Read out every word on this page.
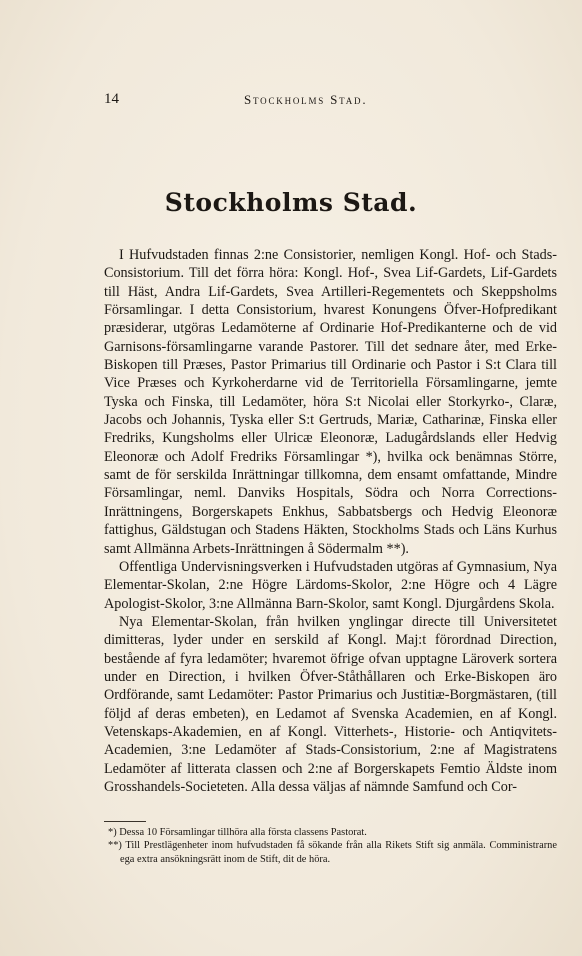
14	Stockholms Stad.
Stockholms Stad.

I Hufvudstaden finnas 2:ne Consistorier, nemligen Kongl. Hof- och Stads-Consistorium. Till det förra höra: Kongl. Hof-, Svea Lif-Gardets, Lif-Gardets till Häst, Andra Lif-Gardets, Svea Artilleri-Regementets och Skeppsholms Församlingar. I detta Consistorium, hvarest Konungens Öfver-Hofpredikant præsiderar, utgöras Ledamöterne af Ordinarie Hof-Predikanterne och de vid Garnisons-församlingarne varande Pastorer. Till det sednare åter, med Erke-Biskopen till Præses, Pastor Primarius till Ordinarie och Pastor i S:t Clara till Vice Præses och Kyrkoherdarne vid de Territoriella Församlingarne, jemte Tyska och Finska, till Ledamöter, höra S:t Nicolai eller Storkyrko-, Claræ, Jacobs och Johannis, Tyska eller S:t Gertruds, Mariæ, Catharinæ, Finska eller Fredriks, Kungsholms eller Ulricæ Eleonoræ, Ladugårdslands eller Hedvig Eleonoræ och Adolf Fredriks Församlingar *), hvilka ock benämnas Större, samt de för serskilda Inrättningar tillkomna, dem ensamt omfattande, Mindre Församlingar, neml. Danviks Hospitals, Södra och Norra Corrections-Inrättningens, Borgerskapets Enkhus, Sabbatsbergs och Hedvig Eleonoræ fattighus, Gäldstugan och Stadens Häkten, Stockholms Stads och Läns Kurhus samt Allmänna Arbets-Inrättningen å Södermalm **).

Offentliga Undervisningsverken i Hufvudstaden utgöras af Gymnasium, Nya Elementar-Skolan, 2:ne Högre Lärdoms-Skolor, 2:ne Högre och 4 Lägre Apologist-Skolor, 3:ne Allmänna Barn-Skolor, samt Kongl. Djurgårdens Skola.

Nya Elementar-Skolan, från hvilken ynglingar directe till Universitetet dimitteras, lyder under en serskild af Kongl. Maj:t förordnad Direction, bestående af fyra ledamöter; hvaremot öfrige ofvan upptagne Läroverk sortera under en Direction, i hvilken Öfver-Ståthållaren och Erke-Biskopen äro Ordförande, samt Ledamöter: Pastor Primarius och Justitiæ-Borgmästaren, (till följd af deras embeten), en Ledamot af Svenska Academien, en af Kongl. Vetenskaps-Akademien, en af Kongl. Vitterhets-, Historie- och Antiqvitets-Academien, 3:ne Ledamöter af Stads-Consistorium, 2:ne af Magistratens Ledamöter af litterata classen och 2:ne af Borgerskapets Femtio Äldste inom Grosshandels-Societeten. Alla dessa väljas af nämnde Samfund och Cor-

*) Dessa 10 Församlingar tillhöra alla första classens Pastorat.

**) Till Prestlägenheter inom hufvudstaden få sökande från alla Rikets Stift sig anmäla. Comministrarne ega extra ansökningsrätt inom de Stift, dit de höra.
